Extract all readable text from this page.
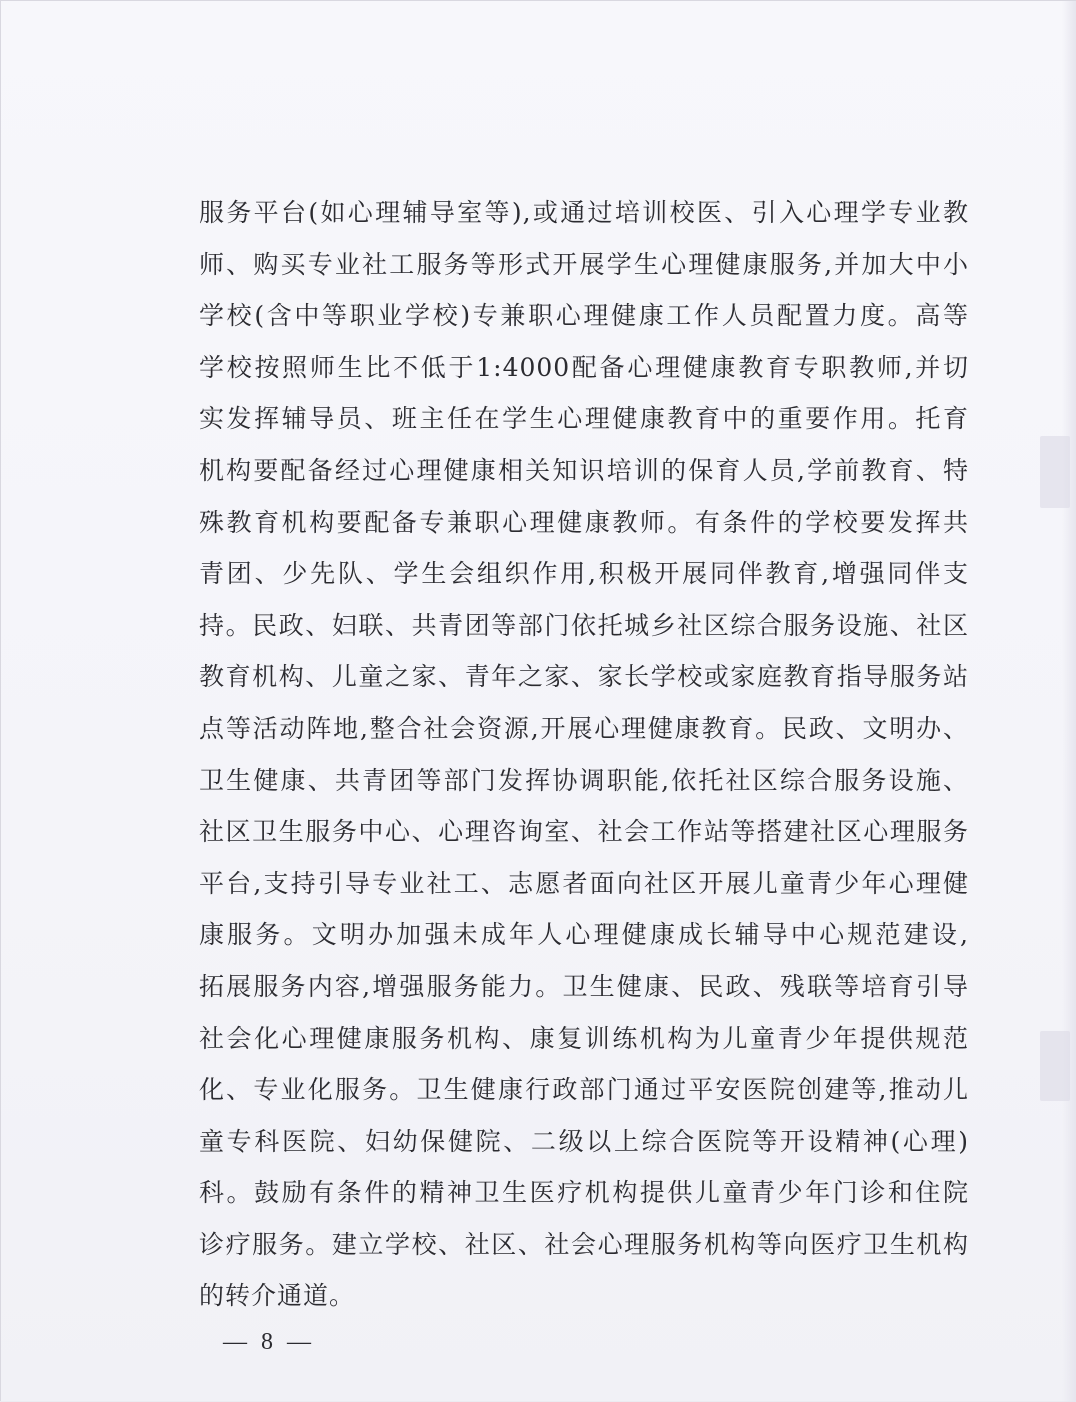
服务平台(如心理辅导室等),或通过培训校医、引入心理学专业教
师、购买专业社工服务等形式开展学生心理健康服务,并加大中小
学校(含中等职业学校)专兼职心理健康工作人员配置力度。高等
学校按照师生比不低于1:4000配备心理健康教育专职教师,并切
实发挥辅导员、班主任在学生心理健康教育中的重要作用。托育
机构要配备经过心理健康相关知识培训的保育人员,学前教育、特
殊教育机构要配备专兼职心理健康教师。有条件的学校要发挥共
青团、少先队、学生会组织作用,积极开展同伴教育,增强同伴支
持。民政、妇联、共青团等部门依托城乡社区综合服务设施、社区
教育机构、儿童之家、青年之家、家长学校或家庭教育指导服务站
点等活动阵地,整合社会资源,开展心理健康教育。民政、文明办、
卫生健康、共青团等部门发挥协调职能,依托社区综合服务设施、
社区卫生服务中心、心理咨询室、社会工作站等搭建社区心理服务
平台,支持引导专业社工、志愿者面向社区开展儿童青少年心理健
康服务。文明办加强未成年人心理健康成长辅导中心规范建设,
拓展服务内容,增强服务能力。卫生健康、民政、残联等培育引导
社会化心理健康服务机构、康复训练机构为儿童青少年提供规范
化、专业化服务。卫生健康行政部门通过平安医院创建等,推动儿
童专科医院、妇幼保健院、二级以上综合医院等开设精神(心理)
科。鼓励有条件的精神卫生医疗机构提供儿童青少年门诊和住院
诊疗服务。建立学校、社区、社会心理服务机构等向医疗卫生机构
的转介通道。
— 8 —
